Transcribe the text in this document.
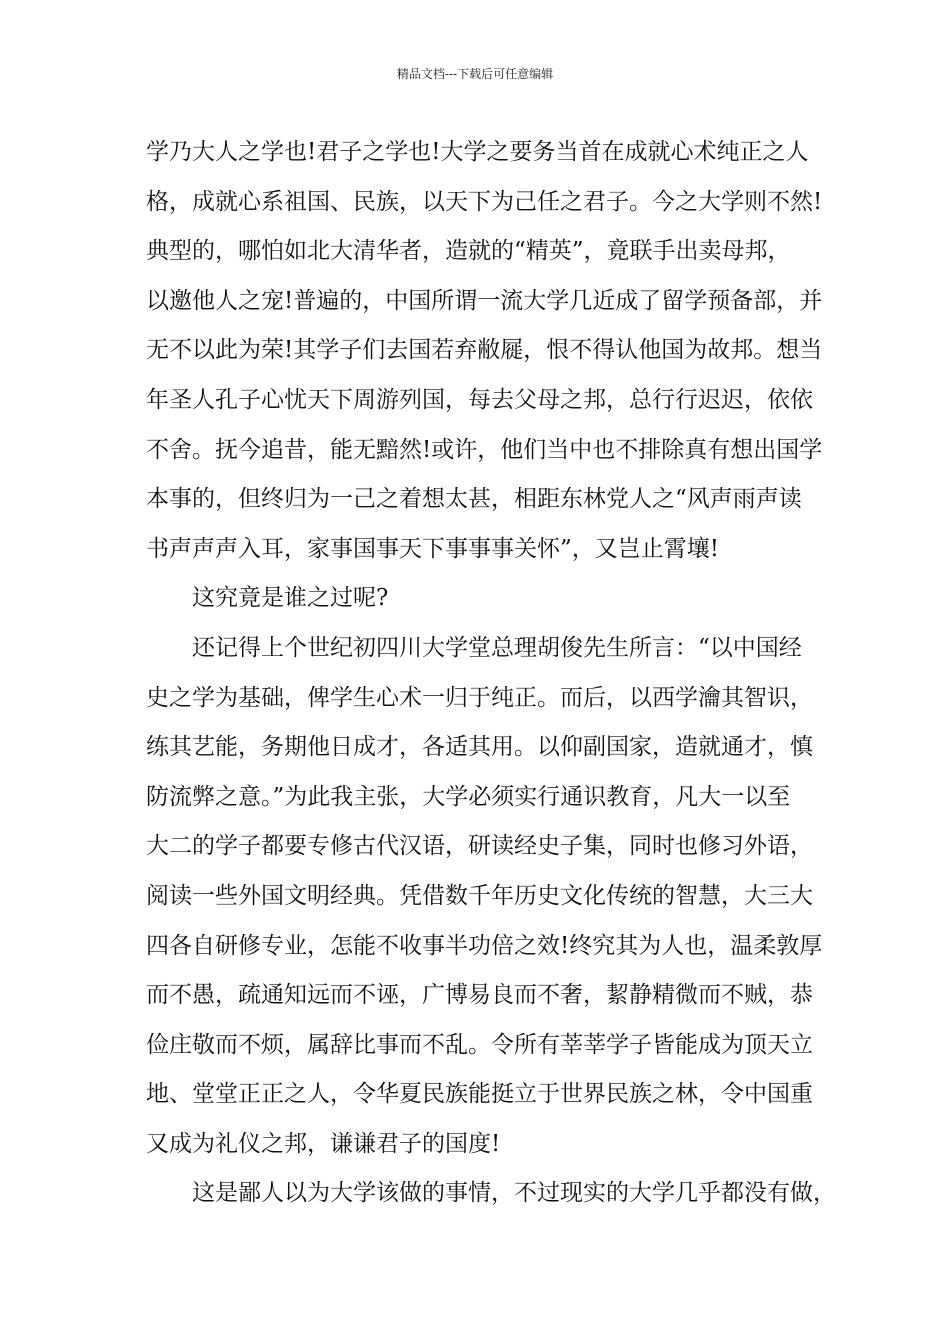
精品文档---下载后可任意编辑
学乃大人之学也!君子之学也!大学之要务当首在成就心术纯正之人
格，成就心系祖国、民族，以天下为己任之君子。今之大学则不然!
典型的，哪怕如北大清华者，造就的“精英”，竟联手出卖母邦，
以邀他人之宠!普遍的，中国所谓一流大学几近成了留学预备部，并
无不以此为荣!其学子们去国若弃敝屣，恨不得认他国为故邦。想当
年圣人孔子心忧天下周游列国，每去父母之邦，总行行迟迟，依依
不舍。抚今追昔，能无黯然!或许，他们当中也不排除真有想出国学
本事的，但终归为一己之着想太甚，相距东林党人之“风声雨声读
书声声声入耳，家事国事天下事事事关怀”，又岂止霄壤!
这究竟是谁之过呢?
还记得上个世纪初四川大学堂总理胡俊先生所言：“以中国经
史之学为基础，俾学生心术一归于纯正。而后，以西学瀹其智识，
练其艺能，务期他日成才，各适其用。以仰副国家，造就通才，慎
防流弊之意。”为此我主张，大学必须实行通识教育，凡大一以至
大二的学子都要专修古代汉语，研读经史子集，同时也修习外语，
阅读一些外国文明经典。凭借数千年历史文化传统的智慧，大三大
四各自研修专业，怎能不收事半功倍之效!终究其为人也，温柔敦厚
而不愚，疏通知远而不诬，广博易良而不奢，絜静精微而不贼，恭
俭庄敬而不烦，属辞比事而不乱。令所有莘莘学子皆能成为顶天立
地、堂堂正正之人，令华夏民族能挺立于世界民族之林，令中国重
又成为礼仪之邦，谦谦君子的国度!
这是鄙人以为大学该做的事情，不过现实的大学几乎都没有做，
